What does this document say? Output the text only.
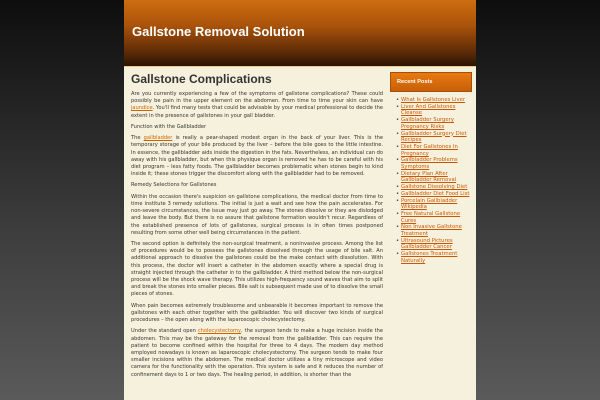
Gallstone Removal Solution
Gallstone Complications

Are you currently experiencing a few of the symptoms of gallstone complications? These could possibly be pain in the upper element on the abdomen. From time to time your skin can have jaundice. You'll find many tests that could be advisable by your medical professional to decide the extent in the presence of gallstones in your gall bladder.

Function with the Gallbladder

The gallbladder is really a pear-shaped modest organ in the back of your liver. This is the temporary storage of your bile produced by the liver – before the bile goes to the little intestine. In essence, the gallbladder aids inside the digestion in the fats. Nevertheless, an individual can do away with his gallbladder, but when this physique organ is removed he has to be careful with his diet program – less fatty foods. The gallbladder becomes problematic when stones begin to kind inside it; these stones trigger the discomfort along with the gallbladder had to be removed.

Remedy Selections for Gallstones

Within the occasion there's suspicion on gallstone complications, the medical doctor from time to time institute 3 remedy solutions. The initial is just a wait and see how the pain accelerates. For non-severe circumstances, the issue may just go away. The stones dissolve or they are dislodged and leave the body. But there is no assure that gallstone formation wouldn't recur. Regardless of the established presence of lots of gallstones, surgical process is in often times postponed resulting from some other well being circumstances in the patient.

The second option is definitely the non-surgical treatment, a noninvasive process. Among the list of procedures would be to possess the gallstones dissolved through the usage of bile salt. An additional approach to dissolve the gallstones could be the make contact with dissolution. With this process, the doctor will insert a catheter in the abdomen exactly where a special drug is straight injected through the catheter in to the gallbladder. A third method below the non-surgical process will be the shock wave therapy. This utilizes high-frequency sound waves that aim to split and break the stones into smaller pieces. Bile salt is subsequent made use of to dissolve the small pieces of stones.

When pain becomes extremely troublesome and unbearable it becomes important to remove the gallstones with each other together with the gallbladder. You will discover two kinds of surgical procedures – the open along with the laparoscopic cholecystectomy.

Under the standard open cholecystectomy, the surgeon tends to make a huge incision inside the abdomen. This may be the gateway for the removal from the gallbladder. This can require the patient to become confined within the hospital for three to 4 days. The modern day method employed nowadays is known as laparoscopic cholecystectomy. The surgeon tends to make four smaller incisions within the abdomen. The medical doctor utilizes a tiny microscope and video camera for the functionality with the operation. This system is safe and it reduces the number of confinement days to 1 or two days. The healing period, in addition, is shorter than the

Recent Posts
• What Is Gallstones Liver
• Liver And Gallstones Cleanse
• Gallbladder Surgery Pregnancy Risks
• Gallbladder Surgery Diet Recipes
• Diet For Gallstones In Pregnancy
• Gallbladder Problems Symptoms
• Dietary Plan After Gallbladder Removal
• Gallstone Dissolving Diet
• Gallbladder Diet Food List
• Porcelain Gallbladder Wikipedia
• Free Natural Gallstone Cures
• Non Invasive Gallstone Treatment
• Ultrasound Pictures Gallbladder Cancer
• Gallstones Treatment Naturally
